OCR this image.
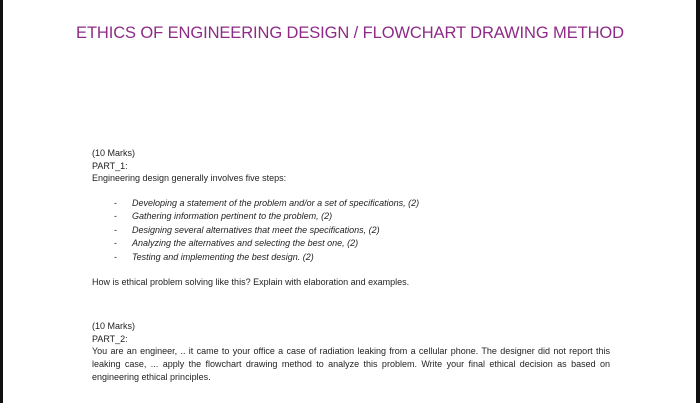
ETHICS OF ENGINEERING DESIGN / FLOWCHART DRAWING METHOD
(10 Marks)
PART_1:
Engineering design generally involves five steps:
- Developing a statement of the problem and/or a set of specifications, (2)
- Gathering information pertinent to the problem, (2)
- Designing several alternatives that meet the specifications, (2)
- Analyzing the alternatives and selecting the best one, (2)
- Testing and implementing the best design. (2)
How is ethical problem solving like this? Explain with elaboration and examples.
(10 Marks)
PART_2:
You are an engineer, .. it came to your office a case of radiation leaking from a cellular phone. The designer did not report this leaking case, ... apply the flowchart drawing method to analyze this problem. Write your final ethical decision as based on engineering ethical principles.
